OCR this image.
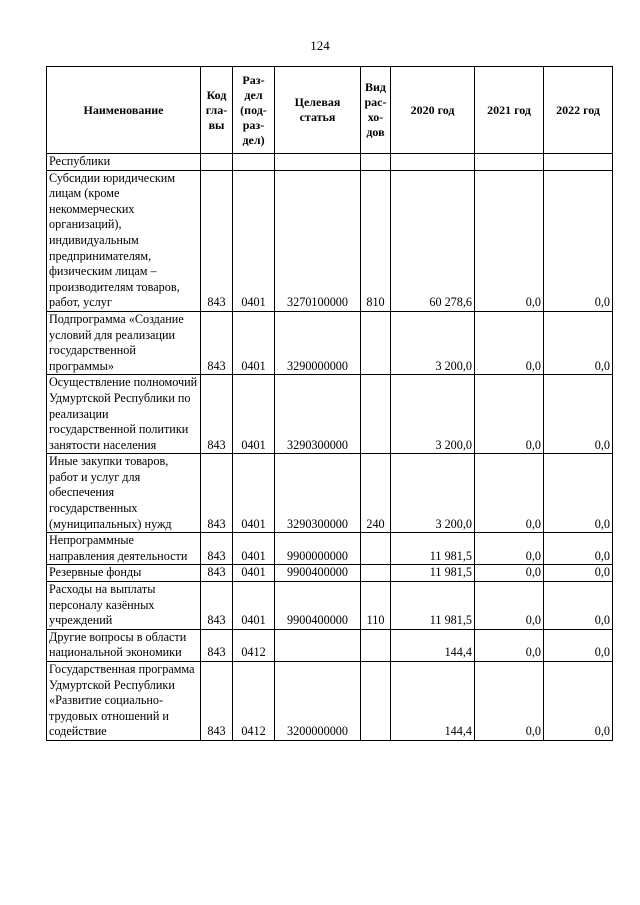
124
Наименование	Код гла- вы	Раз- дел (под- раз- дел)	Целевая статья	Вид рас- хо- дов	2020 год	2021 год	2022 год
Республики							
Субсидии юридическим лицам (кроме некоммерческих организаций), индивидуальным предпринимателям, физическим лицам – производителям товаров, работ, услуг	843	0401	3270100000	810	60 278,6	0,0	0,0
Подпрограмма «Создание условий для реализации государственной программы»	843	0401	3290000000		3 200,0	0,0	0,0
Осуществление полномочий Удмуртской Республики по реализации государственной политики занятости населения	843	0401	3290300000		3 200,0	0,0	0,0
Иные закупки товаров, работ и услуг для обеспечения государственных (муниципальных) нужд	843	0401	3290300000	240	3 200,0	0,0	0,0
Непрограммные направления деятельности	843	0401	9900000000		11 981,5	0,0	0,0
Резервные фонды	843	0401	9900400000		11 981,5	0,0	0,0
Расходы на выплаты персоналу казённых учреждений	843	0401	9900400000	110	11 981,5	0,0	0,0
Другие вопросы в области национальной экономики	843	0412			144,4	0,0	0,0
Государственная программа Удмуртской Республики «Развитие социально-трудовых отношений и содействие	843	0412	3200000000		144,4	0,0	0,0
